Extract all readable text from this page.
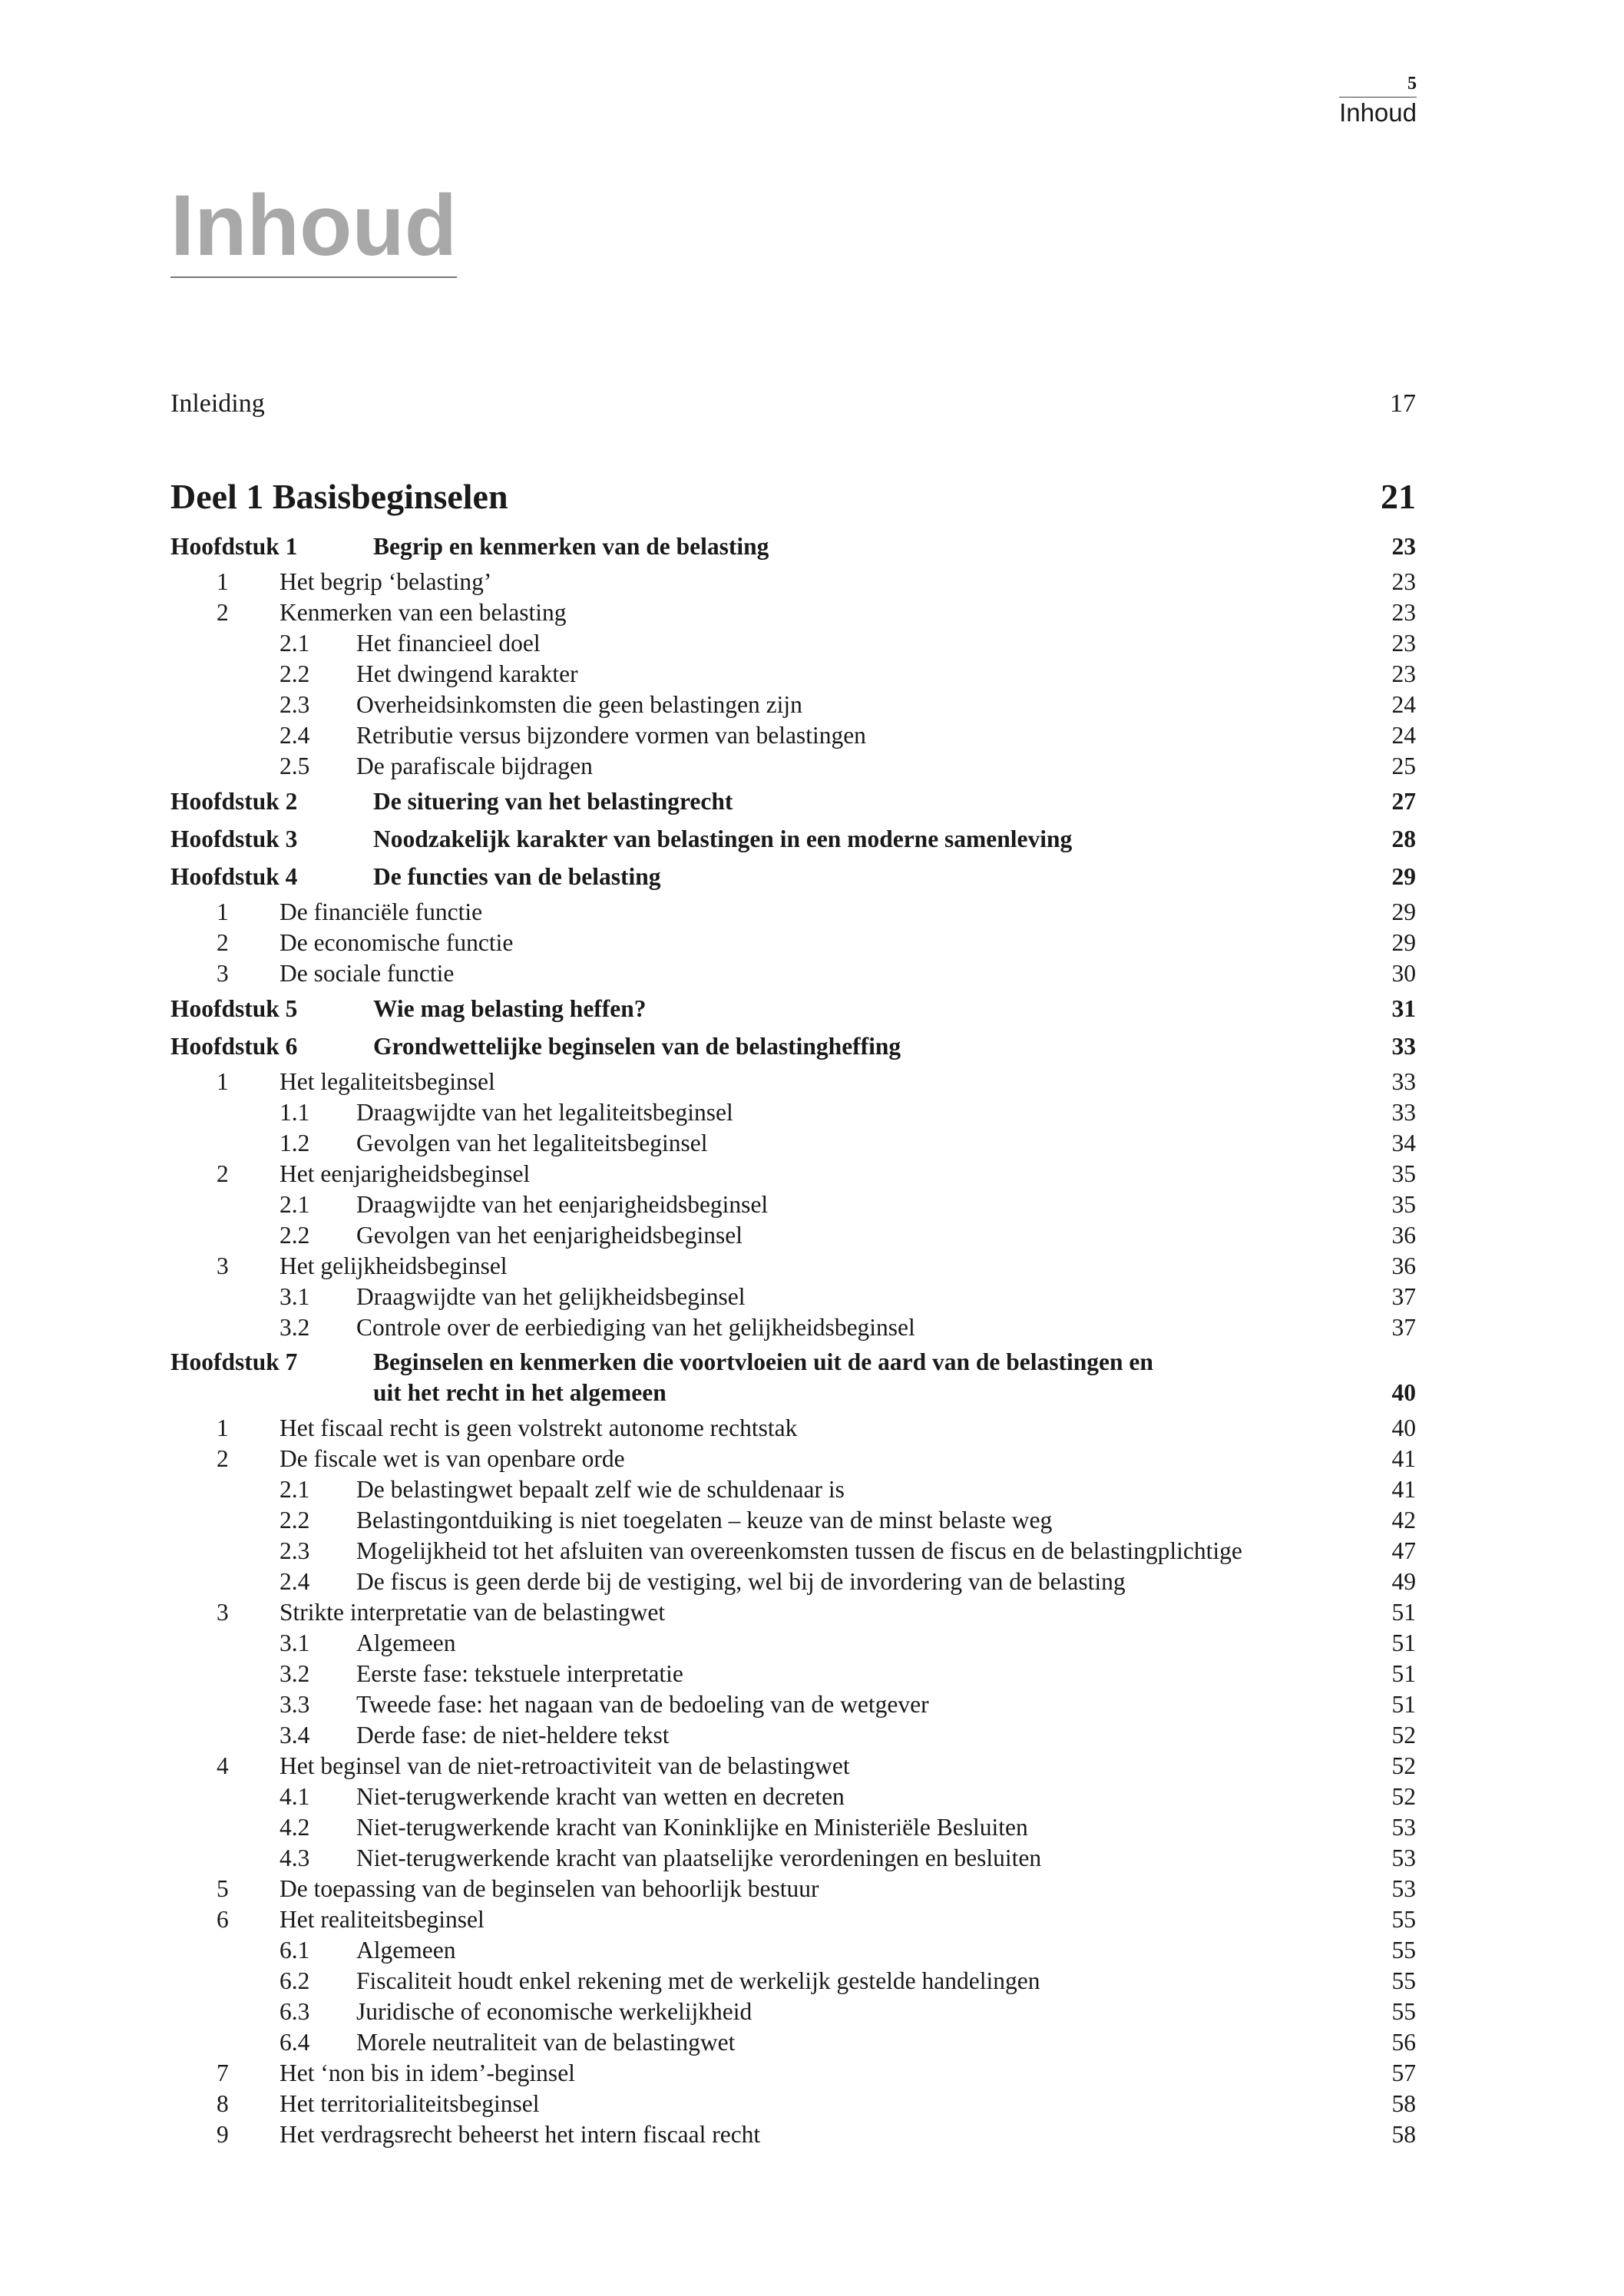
5
Inhoud
Inhoud
Inleiding	17
Deel 1 Basisbeginselen	21
Hoofdstuk 1	Begrip en kenmerken van de belasting	23
1 Het begrip ‘belasting’	23
2 Kenmerken van een belasting	23
2.1 Het financieel doel	23
2.2 Het dwingend karakter	23
2.3 Overheidsinkomsten die geen belastingen zijn	24
2.4 Retributie versus bijzondere vormen van belastingen	24
2.5 De parafiscale bijdragen	25
Hoofdstuk 2	De situering van het belastingrecht	27
Hoofdstuk 3	Noodzakelijk karakter van belastingen in een moderne samenleving	28
Hoofdstuk 4	De functies van de belasting	29
1 De financiële functie	29
2 De economische functie	29
3 De sociale functie	30
Hoofdstuk 5	Wie mag belasting heffen?	31
Hoofdstuk 6	Grondwettelijke beginselen van de belastingheffing	33
1 Het legaliteitsbeginsel	33
1.1 Draagwijdte van het legaliteitsbeginsel	33
1.2 Gevolgen van het legaliteitsbeginsel	34
2 Het eenjarigheidsbeginsel	35
2.1 Draagwijdte van het eenjarigheidsbeginsel	35
2.2 Gevolgen van het eenjarigheidsbeginsel	36
3 Het gelijkheidsbeginsel	36
3.1 Draagwijdte van het gelijkheidsbeginsel	37
3.2 Controle over de eerbiediging van het gelijkheidsbeginsel	37
Hoofdstuk 7	Beginselen en kenmerken die voortvloeien uit de aard van de belastingen en
uit het recht in het algemeen	40
1 Het fiscaal recht is geen volstrekt autonome rechtstak	40
2 De fiscale wet is van openbare orde	41
2.1 De belastingwet bepaalt zelf wie de schuldenaar is	41
2.2 Belastingontduiking is niet toegelaten – keuze van de minst belaste weg	42
2.3 Mogelijkheid tot het afsluiten van overeenkomsten tussen de fiscus en de belastingplichtige	47
2.4 De fiscus is geen derde bij de vestiging, wel bij de invordering van de belasting	49
3 Strikte interpretatie van de belastingwet	51
3.1 Algemeen	51
3.2 Eerste fase: tekstuele interpretatie	51
3.3 Tweede fase: het nagaan van de bedoeling van de wetgever	51
3.4 Derde fase: de niet-heldere tekst	52
4 Het beginsel van de niet-retroactiviteit van de belastingwet	52
4.1 Niet-terugwerkende kracht van wetten en decreten	52
4.2 Niet-terugwerkende kracht van Koninklijke en Ministeriële Besluiten	53
4.3 Niet-terugwerkende kracht van plaatselijke verordeningen en besluiten	53
5 De toepassing van de beginselen van behoorlijk bestuur	53
6 Het realiteitsbeginsel	55
6.1 Algemeen	55
6.2 Fiscaliteit houdt enkel rekening met de werkelijk gestelde handelingen	55
6.3 Juridische of economische werkelijkheid	55
6.4 Morele neutraliteit van de belastingwet	56
7 Het ‘non bis in idem’-beginsel	57
8 Het territorialiteitsbeginsel	58
9 Het verdragsrecht beheerst het intern fiscaal recht	58
